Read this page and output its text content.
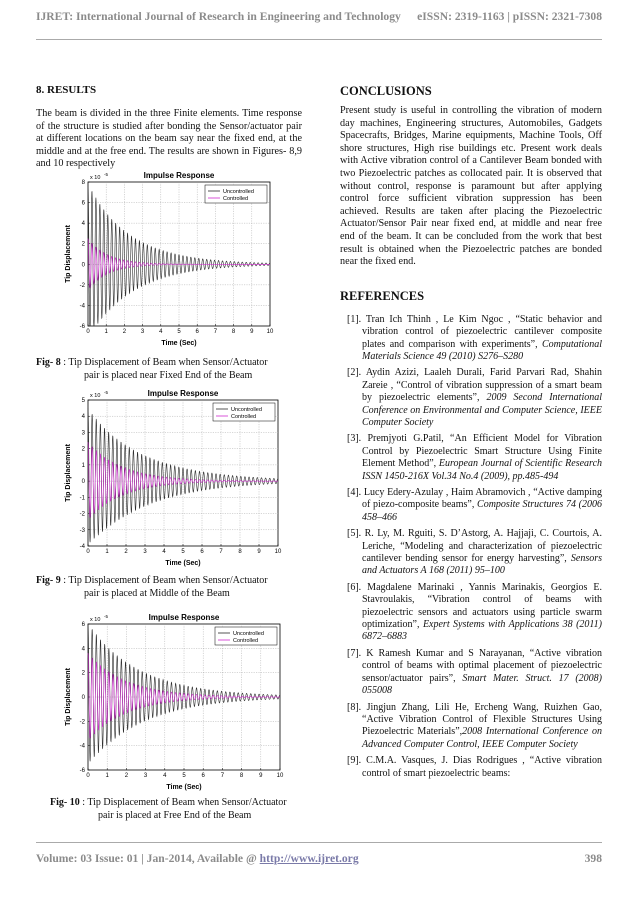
IJRET: International Journal of Research in Engineering and Technology eISSN: 2319-1163 | pISSN: 2321-7308
8. RESULTS

The beam is divided in the three Finite elements. Time response of the structure is studied after bonding the Sensor/actuator pair at different locations on the beam say near the fixed end, at the middle and at the free end. The results are shown in Figures- 8,9 and 10 respectively

Impulse Response
x 10
-5
0 1 2 3 4 5 6 7 8 9 10
8
6
4
2
0
-2
-4
-6
Time (Sec)
Tip Displacement
Uncontrolled
Controlled
Fig- 8 : Tip Displacement of Beam when Sensor/Actuator
pair is placed near Fixed End of the Beam
Impulse Response
x 10
-5
0	1	2	3	4	5	6	7	8	9 10
5
4
3
2
1
0
-1
-2
-3
-4
Time (Sec)
Tip Displacement
Uncontrolled
Controlled
Fig- 9 : Tip Displacement of Beam when Sensor/Actuator
pair is placed at Middle of the Beam
Impulse Response
x 10
-5
0	1	2	3	4	5	6	7	8	9 10
6
4
2
0
-2
-4
-6
Time (Sec)
Tip Displacement
Uncontrolled
Controlled
Fig- 10 : Tip Displacement of Beam when Sensor/Actuator
pair is placed at Free End of the Beam
CONCLUSIONS

Present study is useful in controlling the vibration of modern day machines, Engineering structures, Automobiles, Gadgets Spacecrafts, Bridges, Marine equipments, Machine Tools, Off shore structures, High rise buildings etc. Present work deals with Active vibration control of a Cantilever Beam bonded with two Piezoelectric patches as collocated pair. It is observed that without control, response is paramount but after applying control force sufficient vibration suppression has been achieved. Results are taken after placing the Piezoelectric Actuator/Sensor Pair near fixed end, at middle and near free end of the beam. It can be concluded from the work that best result is obtained when the Piezoelectric patches are bonded near the fixed end.

REFERENCES
[1]. Tran Ich Thinh , Le Kim Ngoc , “Static behavior and vibration control of piezoelectric cantilever composite plates and comparison with experiments”, Computational Materials Science 49 (2010) S276–S280
[2]. Aydin Azizi, Laaleh Durali, Farid Parvari Rad, Shahin Zareie , “Control of vibration suppression of a smart beam by piezoelectric elements”, 2009 Second International Conference on Environmental and Computer Science, IEEE Computer Society
[3]. Premjyoti G.Patil, “An Efficient Model for Vibration Control by Piezoelectric Smart Structure Using Finite Element Method”, European Journal of Scientific Research ISSN 1450-216X Vol.34 No.4 (2009), pp.485-494
[4]. Lucy Edery-Azulay , Haim Abramovich , “Active damping of piezo-composite beams”, Composite Structures 74 (2006 458–466
[5]. R. Ly, M. Rguiti, S. D’Astorg, A. Hajjaji, C. Courtois, A. Leriche, “Modeling and characterization of piezoelectric cantilever bending sensor for energy harvesting”, Sensors and Actuators A 168 (2011) 95–100
[6]. Magdalene Marinaki , Yannis Marinakis, Georgios E. Stavroulakis, “Vibration control of beams with piezoelectric sensors and actuators using particle swarm optimization”, Expert Systems with Applications 38 (2011) 6872–6883
[7]. K Ramesh Kumar and S Narayanan, “Active vibration control of beams with optimal placement of piezoelectric sensor/actuator pairs”, Smart Mater. Struct. 17 (2008) 055008
[8]. Jingjun Zhang, Lili He, Ercheng Wang, Ruizhen Gao, “Active Vibration Control of Flexible Structures Using Piezoelectric Materials”,2008 International Conference on Advanced Computer Control, IEEE Computer Society
[9]. C.M.A. Vasques, J. Dias Rodrigues , “Active vibration control of smart piezoelectric beams:
Volume: 03 Issue: 01 | Jan-2014, Available @ http://www.ijret.org	398
